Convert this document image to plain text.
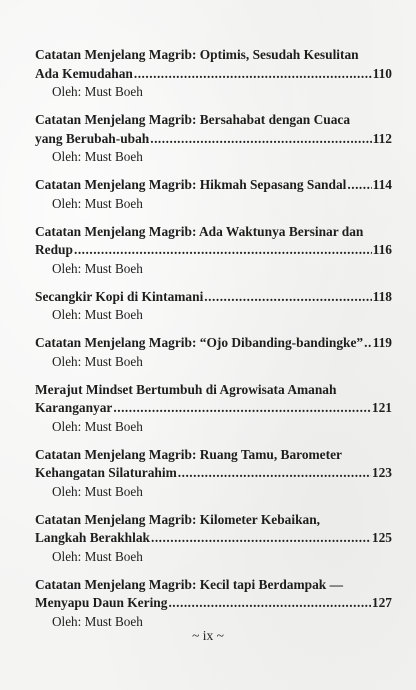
Catatan Menjelang Magrib: Optimis, Sesudah Kesulitan
Ada Kemudahan .....	110
Oleh: Must Boeh
Catatan Menjelang Magrib: Bersahabat dengan Cuaca
yang Berubah-ubah .....	112
Oleh: Must Boeh
Catatan Menjelang Magrib: Hikmah Sepasang Sandal ..... 114
Oleh: Must Boeh
Catatan Menjelang Magrib: Ada Waktunya Bersinar dan
Redup .....	116
Oleh: Must Boeh
Secangkir Kopi di Kintamani .....	118
Oleh: Must Boeh
Catatan Menjelang Magrib: “Ojo Dibanding-bandingke” ..... 119
Oleh: Must Boeh
Merajut Mindset Bertumbuh di Agrowisata Amanah
Karanganyar .....	121
Oleh: Must Boeh
Catatan Menjelang Magrib: Ruang Tamu, Barometer
Kehangatan Silaturahim .....	123
Oleh: Must Boeh
Catatan Menjelang Magrib: Kilometer Kebaikan,
Langkah Berakhlak .....	125
Oleh: Must Boeh
Catatan Menjelang Magrib: Kecil tapi Berdampak —
Menyapu Daun Kering .....	127
Oleh: Must Boeh
~ ix ~
